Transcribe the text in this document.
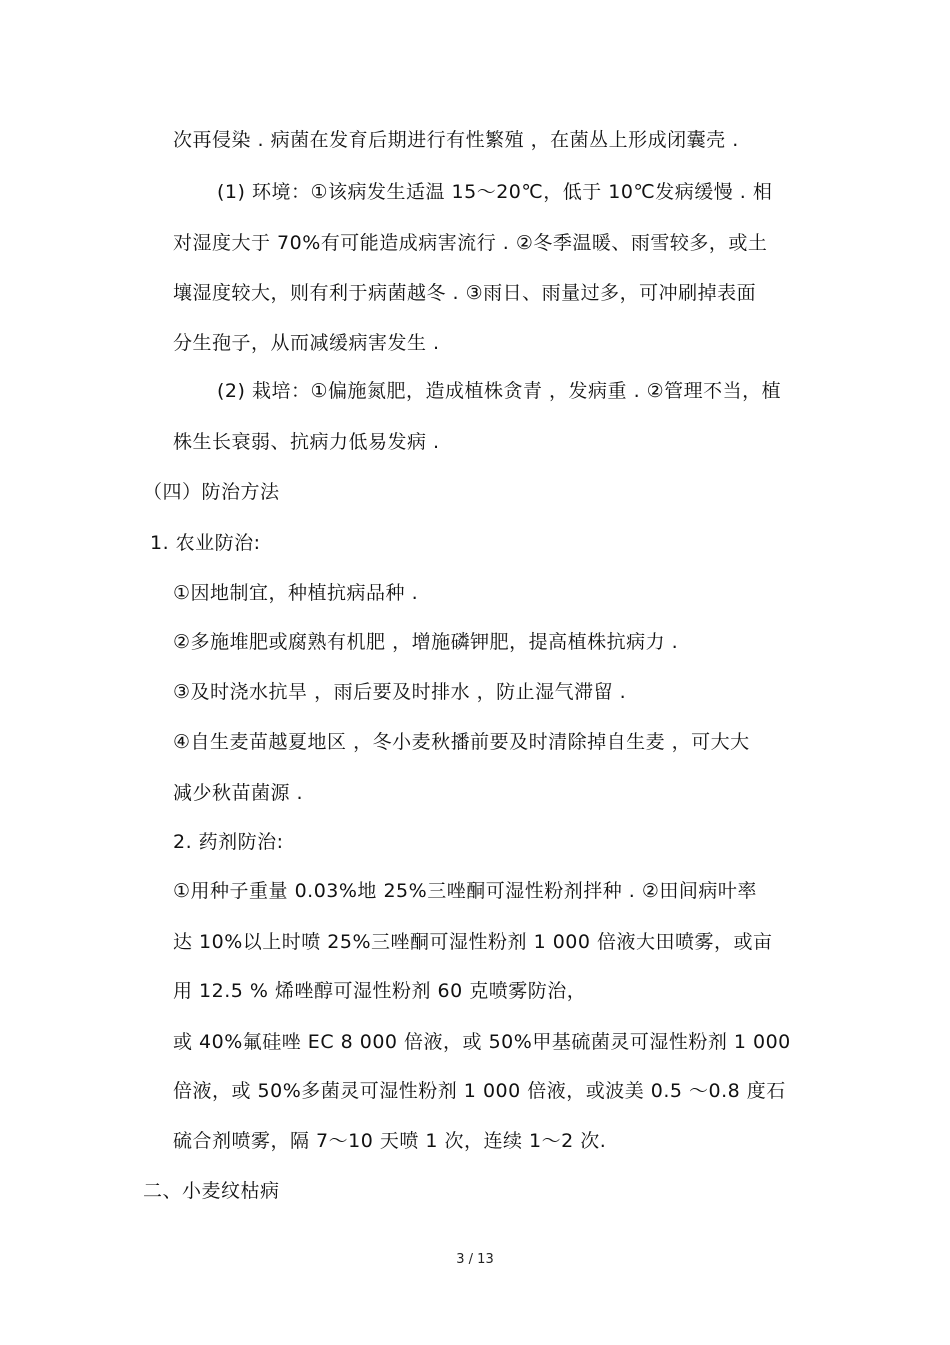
次再侵染 . 病菌在发育后期进行有性繁殖 ，在菌丛上形成闭囊壳 .
(1) 环境：①该病发生适温 15～20℃，低于 10℃发病缓慢 . 相
对湿度大于 70%有可能造成病害流行 . ②冬季温暖、雨雪较多，或土
壤湿度较大，则有利于病菌越冬 . ③雨日、雨量过多，可冲刷掉表面
分生孢子，从而减缓病害发生 .
(2) 栽培：①偏施氮肥，造成植株贪青 ，发病重 . ②管理不当，植
株生长衰弱、抗病力低易发病 .
（四）防治方法
1. 农业防治:
①因地制宜，种植抗病品种 .
②多施堆肥或腐熟有机肥 ，增施磷钾肥，提高植株抗病力 .
③及时浇水抗旱 ，雨后要及时排水 ，防止湿气滞留 .
④自生麦苗越夏地区 ，冬小麦秋播前要及时清除掉自生麦 ，可大大
减少秋苗菌源 .
2. 药剂防治:
①用种子重量 0.03%地 25%三唑酮可湿性粉剂拌种 . ②田间病叶率
达 10%以上时喷 25%三唑酮可湿性粉剂 1 000 倍液大田喷雾，或亩
用 12.5 % 烯唑醇可湿性粉剂 60 克喷雾防治，
或 40%氟硅唑 EC 8 000 倍液，或 50%甲基硫菌灵可湿性粉剂 1 000
倍液，或 50%多菌灵可湿性粉剂 1 000 倍液，或波美 0.5 ～0.8 度石
硫合剂喷雾，隔 7～10 天喷 1 次，连续 1～2 次.
二、小麦纹枯病
3 / 13
